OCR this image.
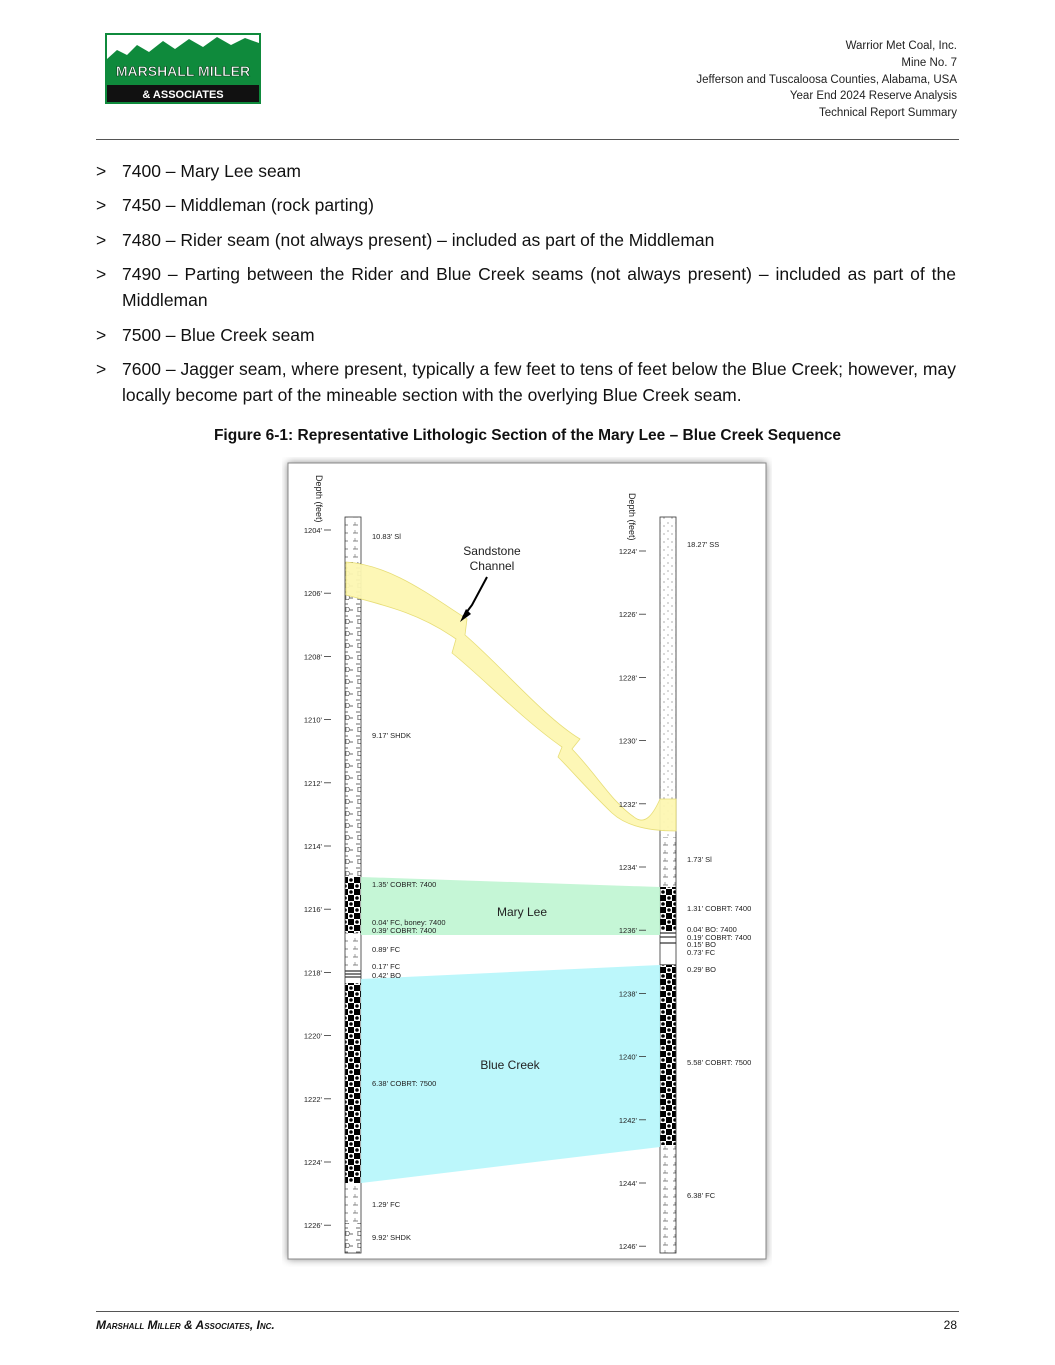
MARSHALL MILLER
& ASSOCIATES
Warrior Met Coal, Inc.
Mine No. 7
Jefferson and Tuscaloosa Counties, Alabama, USA
Year End 2024 Reserve Analysis
Technical Report Summary
> 7400 – Mary Lee seam
> 7450 – Middleman (rock parting)
> 7480 – Rider seam (not always present) – included as part of the Middleman
> 7490 – Parting between the Rider and Blue Creek seams (not always present) – included as part of the Middleman
> 7500 – Blue Creek seam
> 7600 – Jagger seam, where present, typically a few feet to tens of feet below the Blue Creek; however, may locally become part of the mineable section with the overlying Blue Creek seam.
Figure 6-1: Representative Lithologic Section of the Mary Lee – Blue Creek Sequence
Depth (feet)	Depth (feet)
1204'
1206'
1208'
1210'
1212'
1214'
1216'
1218'
1220'
1222'
1224'
1226'
1224'
1226'
1228'
1230'
1232'
1234'
1236'
1238'
1240'
1242'
1244'
1246'
Sandstone
Channel
Mary Lee
Blue Creek
10.83' Sl
9.17' SHDK
1.35' COBRT: 7400
0.04' FC, boney: 7400
0.39' COBRT: 7400
0.89' FC
0.17' FC
0.42' BO
6.38' COBRT: 7500
1.29' FC
9.92' SHDK
18.27' SS
1.73' Sl
1.31' COBRT: 7400
0.04' BO: 7400
0.19' COBRT: 7400
0.15' BO
0.73' FC
0.29' BO
5.58' COBRT: 7500
6.38' FC
Marshall Miller & Associates, Inc.	28
